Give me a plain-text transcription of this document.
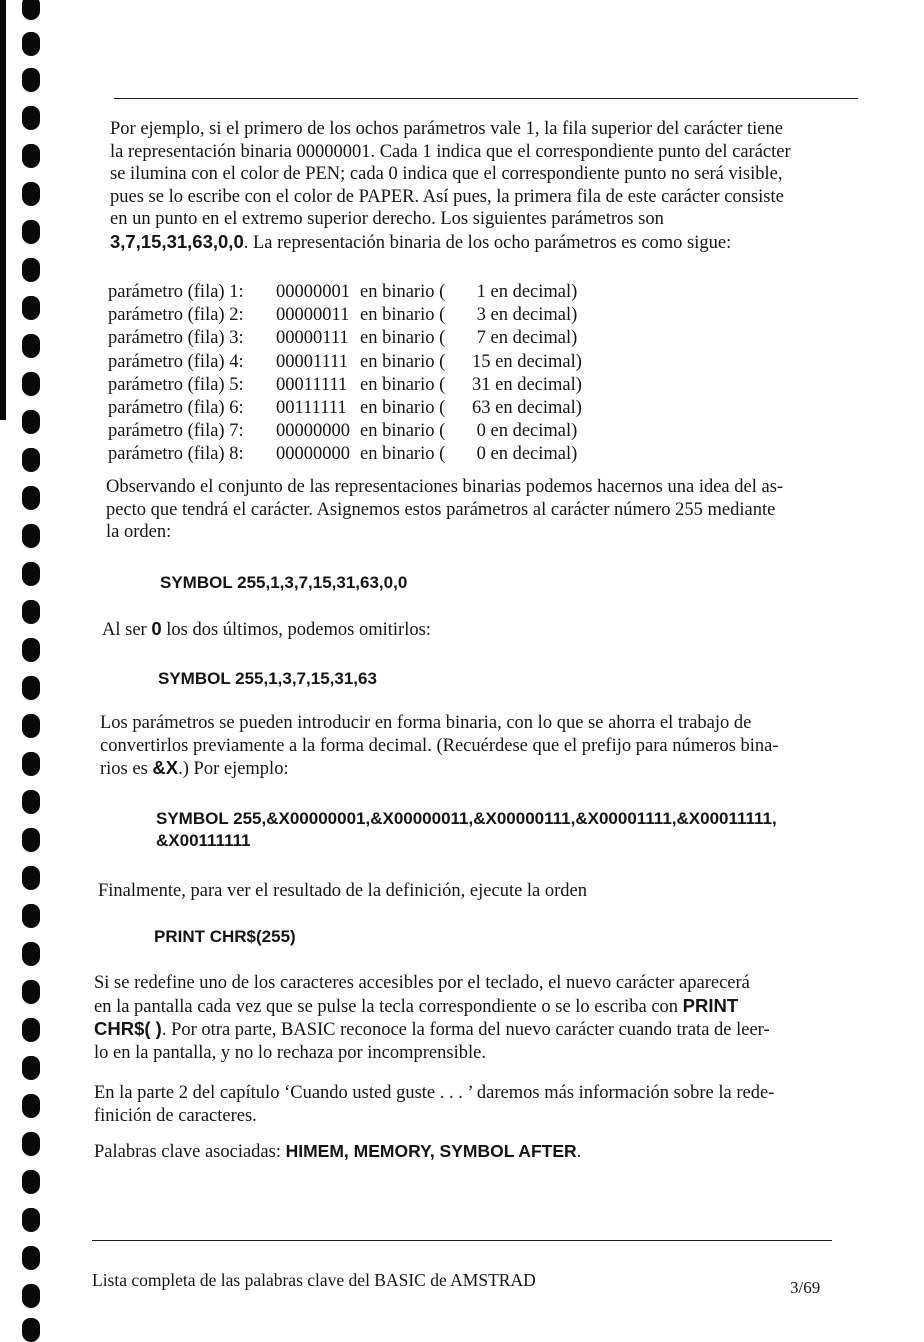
Por ejemplo, si el primero de los ochos parámetros vale 1, la fila superior del carácter tiene
la representación binaria 00000001. Cada 1 indica que el correspondiente punto del carácter
se ilumina con el color de PEN; cada 0 indica que el correspondiente punto no será visible,
pues se lo escribe con el color de PAPER. Así pues, la primera fila de este carácter consiste
en un punto en el extremo superior derecho. Los siguientes parámetros son
3,7,15,31,63,0,0. La representación binaria de los ocho parámetros es como sigue:
parámetro (fila) 1:	00000001 en binario (	1 en decimal)
parámetro (fila) 2:	00000011 en binario (	3 en decimal)
parámetro (fila) 3:	00000111 en binario (	7 en decimal)
parámetro (fila) 4:	00001111 en binario (	15 en decimal)
parámetro (fila) 5:	00011111 en binario (	31 en decimal)
parámetro (fila) 6:	00111111 en binario (	63 en decimal)
parámetro (fila) 7:	00000000 en binario (	0 en decimal)
parámetro (fila) 8:	00000000 en binario (	0 en decimal)
Observando el conjunto de las representaciones binarias podemos hacernos una idea del as-
pecto que tendrá el carácter. Asignemos estos parámetros al carácter número 255 mediante
la orden:
SYMBOL 255,1,3,7,15,31,63,0,0
Al ser 0 los dos últimos, podemos omitirlos:
SYMBOL 255,1,3,7,15,31,63
Los parámetros se pueden introducir en forma binaria, con lo que se ahorra el trabajo de
convertirlos previamente a la forma decimal. (Recuérdese que el prefijo para números bina-
rios es &X.) Por ejemplo:
SYMBOL 255,&X00000001,&X00000011,&X00000111,&X00001111,&X00011111,
&X00111111
Finalmente, para ver el resultado de la definición, ejecute la orden
PRINT CHR$(255)
Si se redefine uno de los caracteres accesibles por el teclado, el nuevo carácter aparecerá
en la pantalla cada vez que se pulse la tecla correspondiente o se lo escriba con PRINT
CHR$( ). Por otra parte, BASIC reconoce la forma del nuevo carácter cuando trata de leer-
lo en la pantalla, y no lo rechaza por incomprensible.
En la parte 2 del capítulo ‘Cuando usted guste . . . ’ daremos más información sobre la rede-
finición de caracteres.
Palabras clave asociadas: HIMEM, MEMORY, SYMBOL AFTER.
Lista completa de las palabras clave del BASIC de AMSTRAD	3/69
